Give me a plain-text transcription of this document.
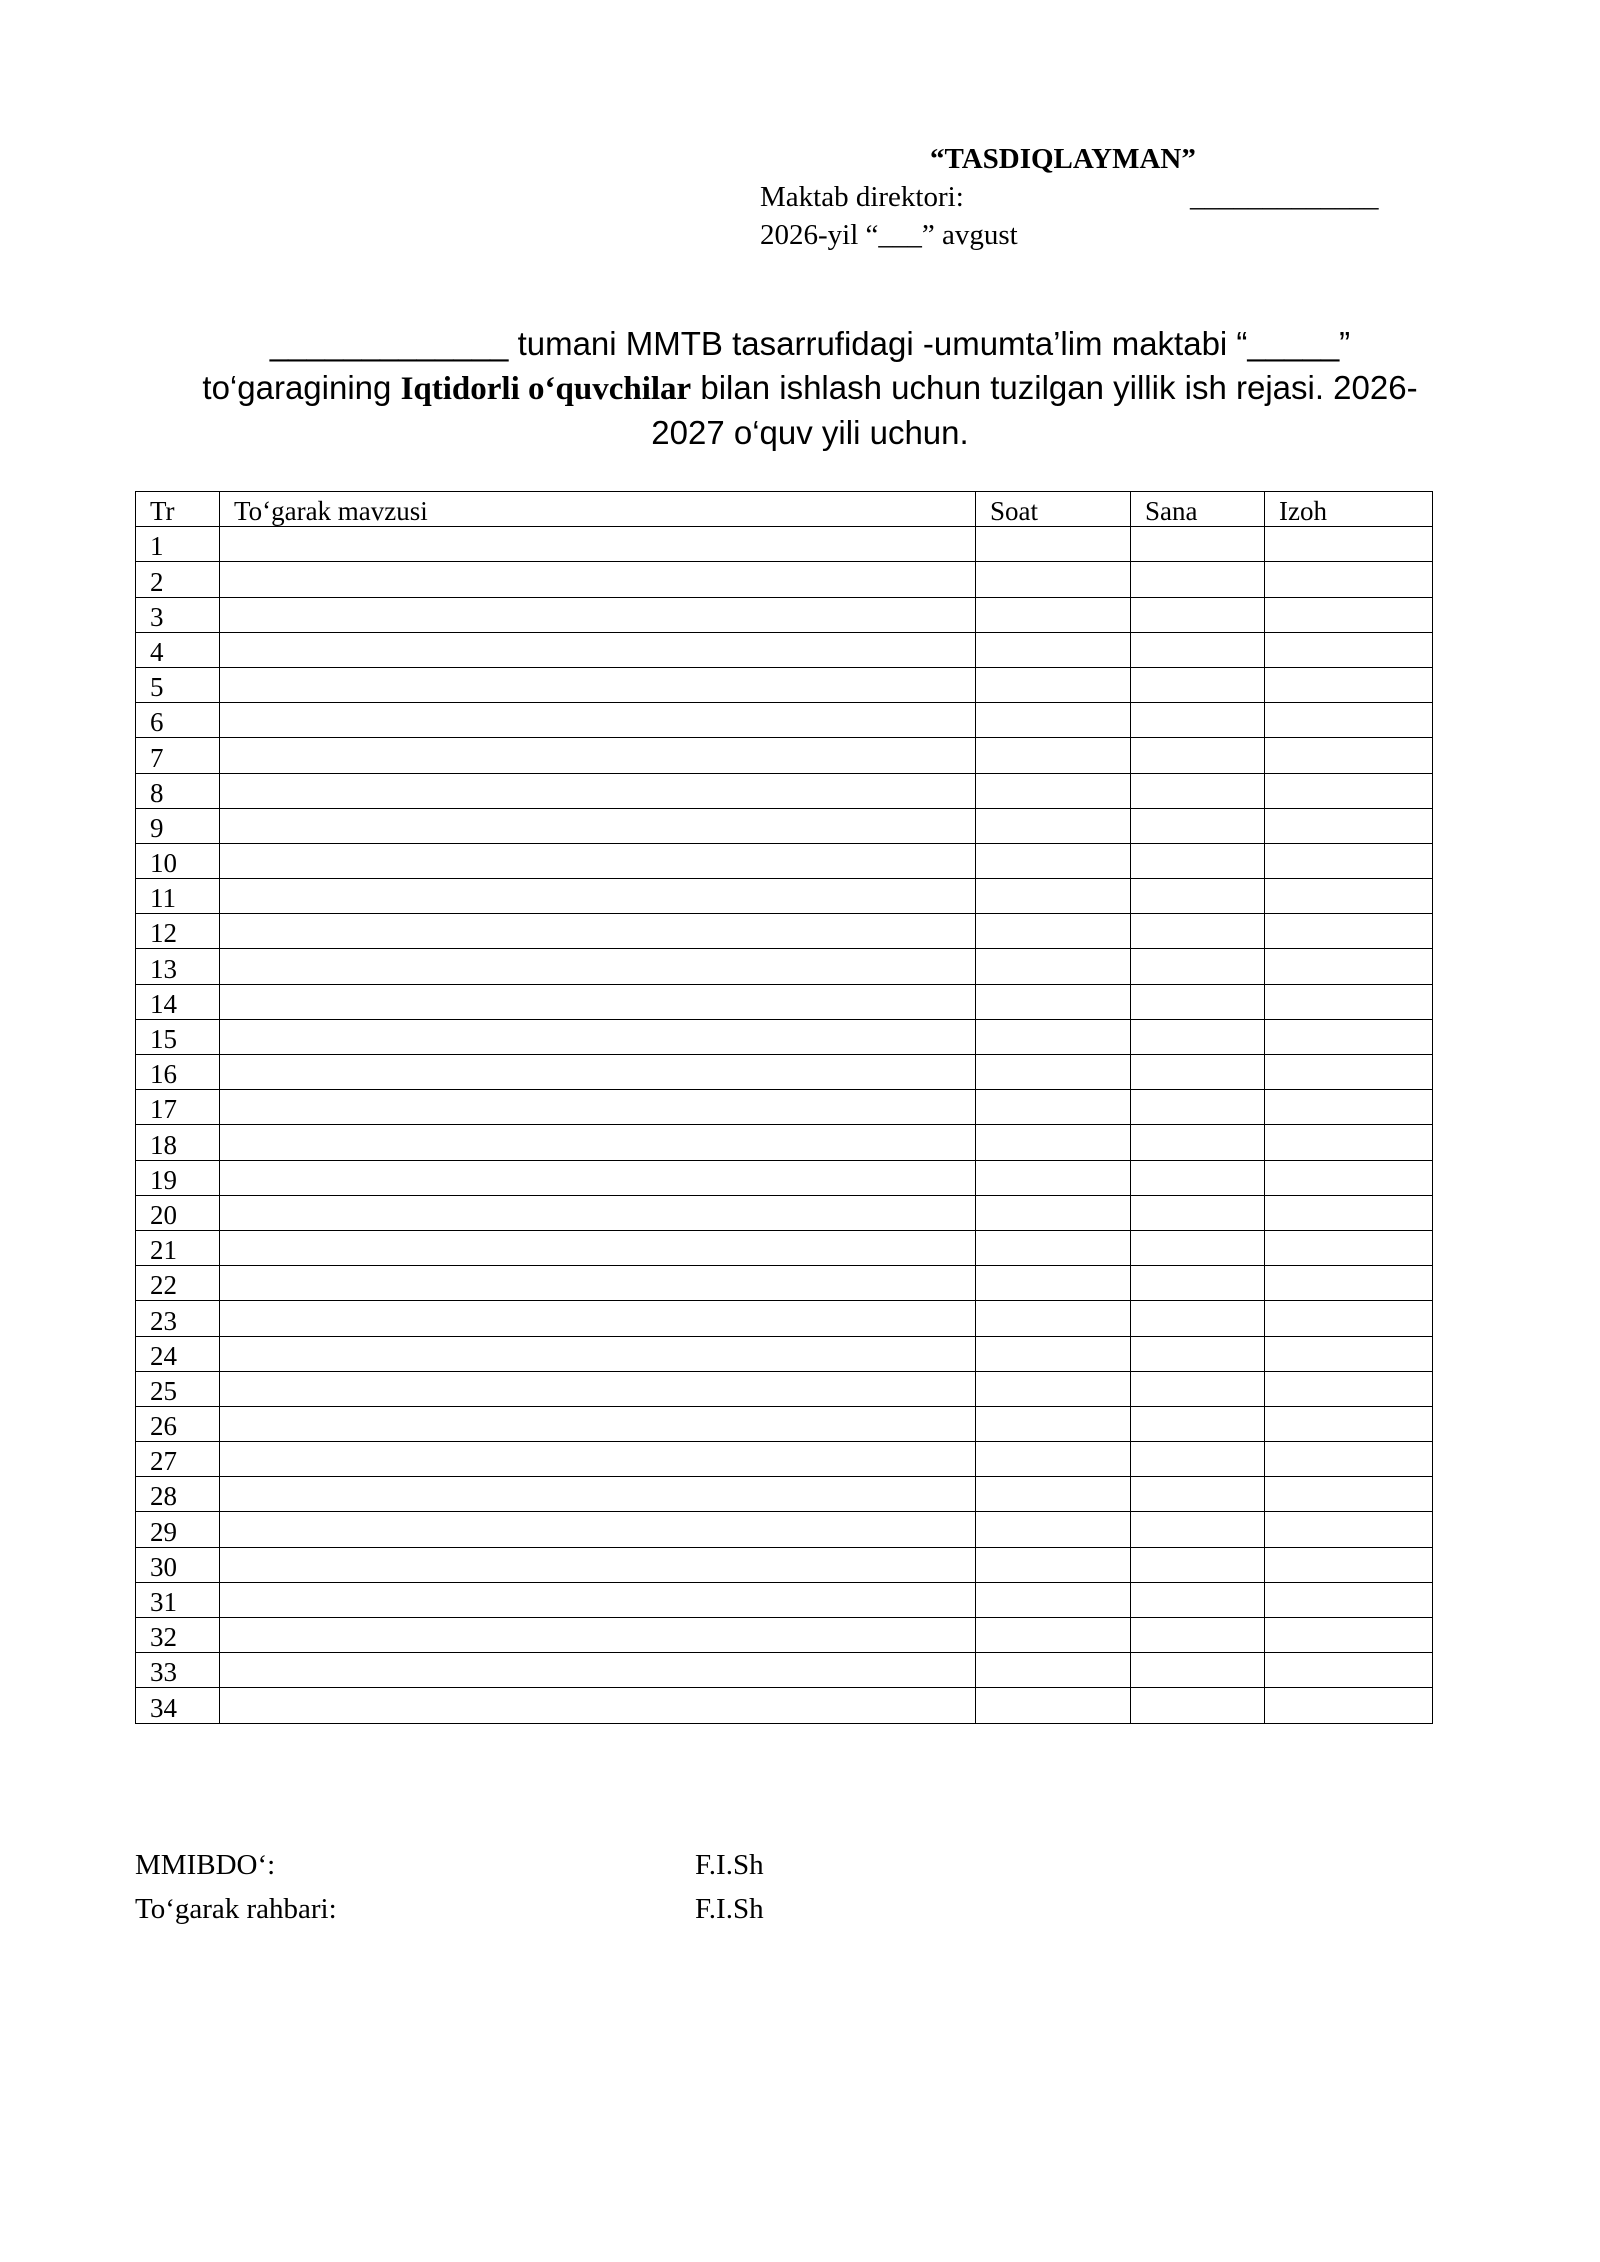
“TASDIQLAYMAN”
Maktab direktori:	_____________
2026-yil “___” avgust
_____________ tumani MMTB tasarrufidagi -umumta’lim maktabi “_____”
to‘garagining Iqtidorli o‘quvchilar bilan ishlash uchun tuzilgan yillik ish rejasi. 2026-
2027 o‘quv yili uchun.
Tr	To‘garak mavzusi	Soat	Sana	Izoh
1				
2				
3				
4				
5				
6				
7				
8				
9				
10				
11				
12				
13				
14				
15				
16				
17				
18				
19				
20				
21				
22				
23				
24				
25				
26				
27				
28				
29				
30				
31				
32				
33				
34				
MMIBDO‘:	F.I.Sh
To‘garak rahbari:	F.I.Sh
